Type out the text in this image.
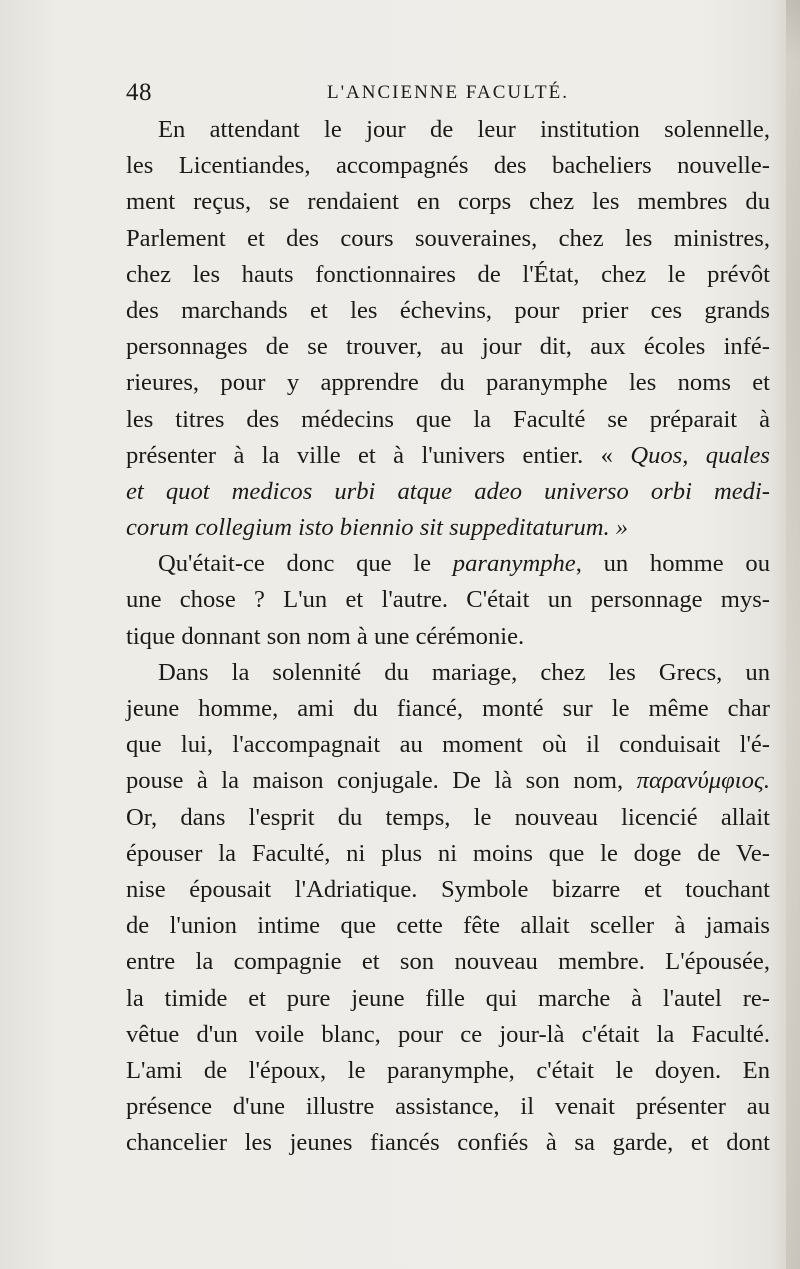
48	L'ANCIENNE FACULTÉ.
En attendant le jour de leur institution solennelle,
les Licentiandes, accompagnés des bacheliers nouvelle-
ment reçus, se rendaient en corps chez les membres du
Parlement et des cours souveraines, chez les ministres,
chez les hauts fonctionnaires de l'État, chez le prévôt
des marchands et les échevins, pour prier ces grands
personnages de se trouver, au jour dit, aux écoles infé-
rieures, pour y apprendre du paranymphe les noms et
les titres des médecins que la Faculté se préparait à
présenter à la ville et à l'univers entier. « Quos, quales
et quot medicos urbi atque adeo universo orbi medi-
corum collegium isto biennio sit suppeditaturum. »
Qu'était-ce donc que le paranymphe, un homme ou
une chose ? L'un et l'autre. C'était un personnage mys-
tique donnant son nom à une cérémonie.
Dans la solennité du mariage, chez les Grecs, un
jeune homme, ami du fiancé, monté sur le même char
que lui, l'accompagnait au moment où il conduisait l'é-
pouse à la maison conjugale. De là son nom, παρανύμφιος.
Or, dans l'esprit du temps, le nouveau licencié allait
épouser la Faculté, ni plus ni moins que le doge de Ve-
nise épousait l'Adriatique. Symbole bizarre et touchant
de l'union intime que cette fête allait sceller à jamais
entre la compagnie et son nouveau membre. L'épousée,
la timide et pure jeune fille qui marche à l'autel re-
vêtue d'un voile blanc, pour ce jour-là c'était la Faculté.
L'ami de l'époux, le paranymphe, c'était le doyen. En
présence d'une illustre assistance, il venait présenter au
chancelier les jeunes fiancés confiés à sa garde, et dont
